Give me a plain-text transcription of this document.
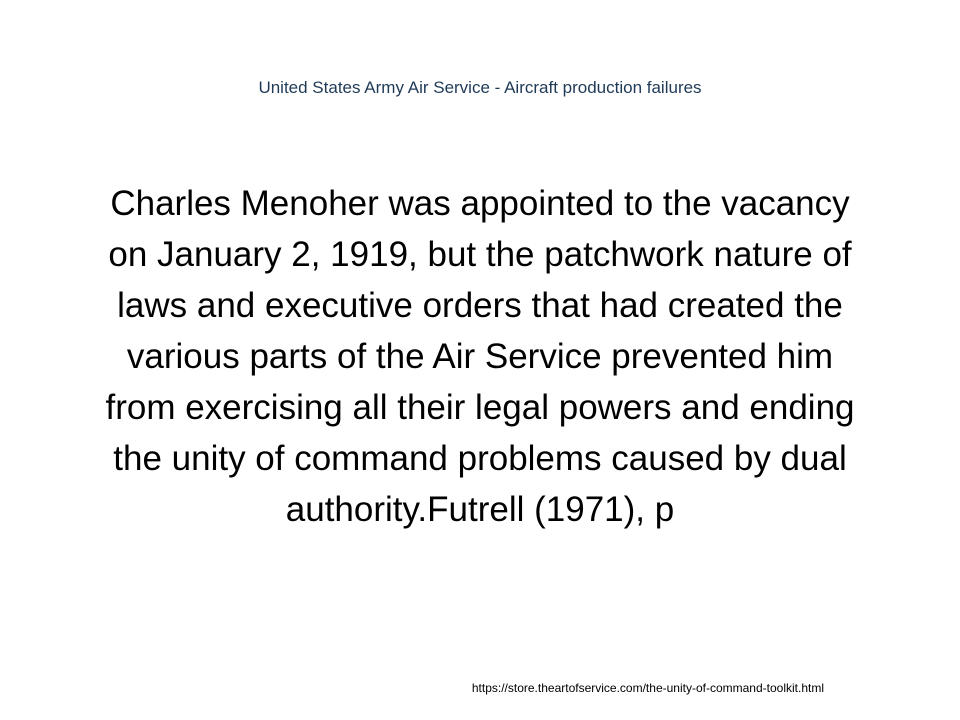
United States Army Air Service - Aircraft production failures
Charles Menoher was appointed to the vacancy on January 2, 1919, but the patchwork nature of laws and executive orders that had created the various parts of the Air Service prevented him from exercising all their legal powers and ending the unity of command problems caused by dual authority.Futrell (1971), p
https://store.theartofservice.com/the-unity-of-command-toolkit.html
